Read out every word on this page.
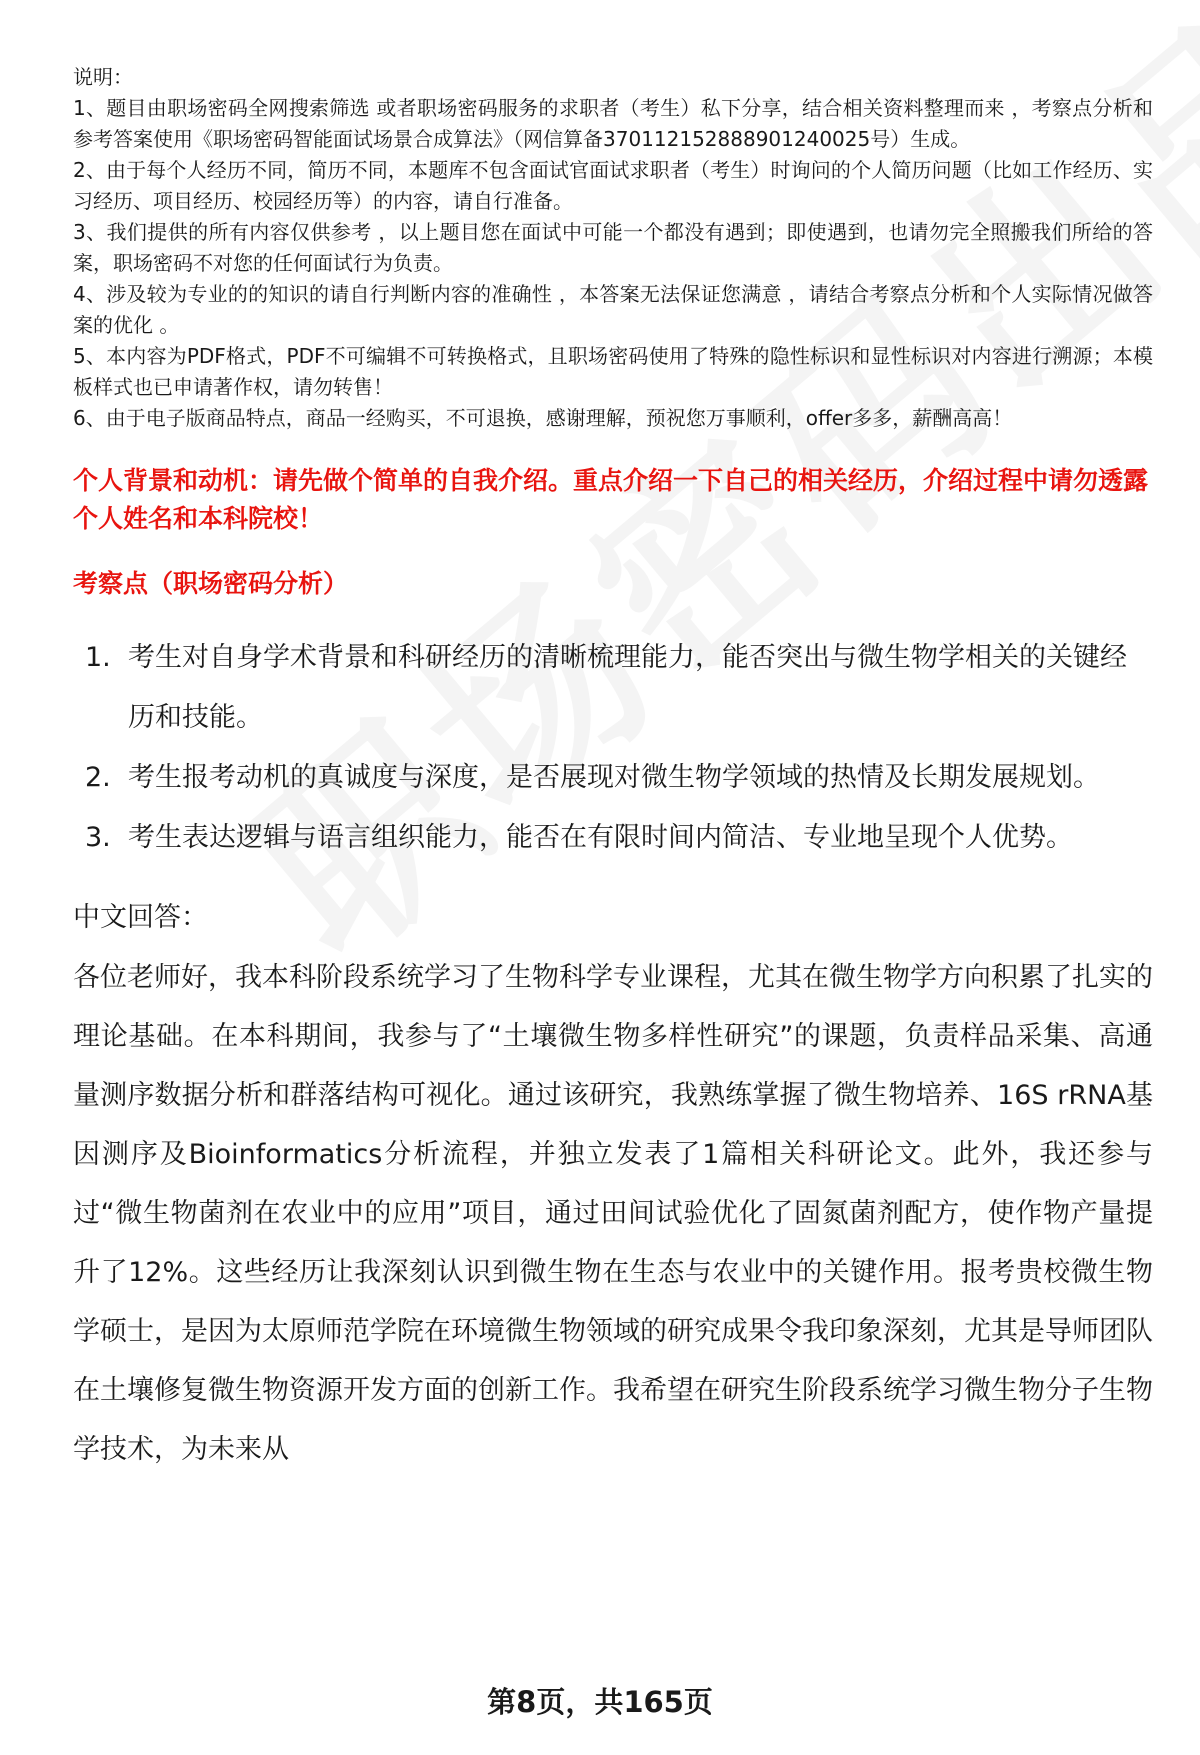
说明：

1、题目由职场密码全网搜索筛选 或者职场密码服务的求职者（考生）私下分享，结合相关资料整理而来 ，考察点分析和参考答案使用《职场密码智能面试场景合成算法》（网信算备370112152888901240025号）生成。

2、由于每个人经历不同，简历不同，本题库不包含面试官面试求职者（考生）时询问的个人简历问题（比如工作经历、实习经历、项目经历、校园经历等）的内容，请自行准备。

3、我们提供的所有内容仅供参考 ，以上题目您在面试中可能一个都没有遇到；即使遇到，也请勿完全照搬我们所给的答案，职场密码不对您的任何面试行为负责。

4、涉及较为专业的的知识的请自行判断内容的准确性 ，本答案无法保证您满意 ，请结合考察点分析和个人实际情况做答案的优化 。

5、本内容为PDF格式，PDF不可编辑不可转换格式，且职场密码使用了特殊的隐性标识和显性标识对内容进行溯源；本模板样式也已申请著作权，请勿转售！

6、由于电子版商品特点，商品一经购买，不可退换，感谢理解，预祝您万事顺利，offer多多，薪酬高高！

个人背景和动机：请先做个简单的自我介绍。重点介绍一下自己的相关经历，介绍过程中请勿透露个人姓名和本科院校！
考察点（职场密码分析）
1. 考生对自身学术背景和科研经历的清晰梳理能力，能否突出与微生物学相关的关键经历和技能。
2. 考生报考动机的真诚度与深度，是否展现对微生物学领域的热情及长期发展规划。
3. 考生表达逻辑与语言组织能力，能否在有限时间内简洁、专业地呈现个人优势。
中文回答：
各位老师好，我本科阶段系统学习了生物科学专业课程，尤其在微生物学方向积累了扎实的理论基础。在本科期间，我参与了“土壤微生物多样性研究”的课题，负责样品采集、高通量测序数据分析和群落结构可视化。通过该研究，我熟练掌握了微生物培养、16S rRNA基因测序及Bioinformatics分析流程，并独立发表了1篇相关科研论文。此外，我还参与过“微生物菌剂在农业中的应用”项目，通过田间试验优化了固氮菌剂配方，使作物产量提升了12%。这些经历让我深刻认识到微生物在生态与农业中的关键作用。报考贵校微生物学硕士，是因为太原师范学院在环境微生物领域的研究成果令我印象深刻，尤其是导师团队在土壤修复微生物资源开发方面的创新工作。我希望在研究生阶段系统学习微生物分子生物学技术，为未来从
第8页，共165页
